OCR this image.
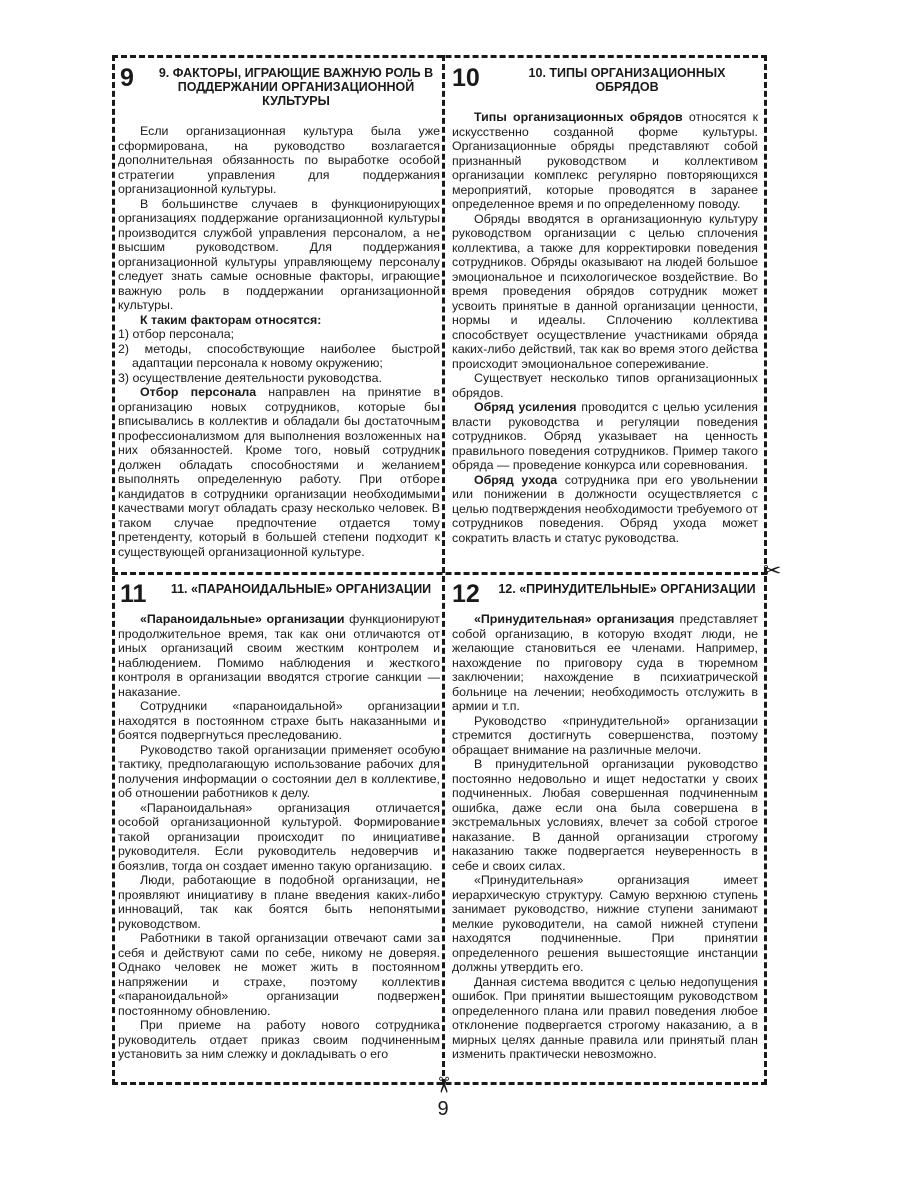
✂
✂
9	9. ФАКТОРЫ, ИГРАЮЩИЕ ВАЖНУЮ РОЛЬ В ПОДДЕРЖАНИИ ОРГАНИЗАЦИОННОЙ КУЛЬТУРЫ

Если организационная культура была уже сформирована, на руководство возлагается дополнительная обязанность по выработке особой стратегии управления для поддержания организационной культуры.

В большинстве случаев в функционирующих организациях поддержание организационной культуры производится службой управления персоналом, а не высшим руководством. Для поддержания организационной культуры управляющему персоналу следует знать самые основные факторы, играющие важную роль в поддержании организационной культуры.

К таким факторам относятся:

1) отбор персонала;

2) методы, способствующие наиболее быстрой адаптации персонала к новому окружению;

3) осуществление деятельности руководства.

Отбор персонала направлен на принятие в организацию новых сотрудников, которые бы вписывались в коллектив и обладали бы достаточным профессионализмом для выполнения возложенных на них обязанностей. Кроме того, новый сотрудник должен обладать способностями и желанием выполнять определенную работу. При отборе кандидатов в сотрудники организации необходимыми качествами могут обладать сразу несколько человек. В таком случае предпочтение отдается тому претенденту, который в большей степени подходит к существующей организационной культуре.

10	10. ТИПЫ ОРГАНИЗАЦИОННЫХ ОБРЯДОВ

Типы организационных обрядов относятся к искусственно созданной форме культуры. Организационные обряды представляют собой признанный руководством и коллективом организации комплекс регулярно повторяющихся мероприятий, которые проводятся в заранее определенное время и по определенному поводу.

Обряды вводятся в организационную культуру руководством организации с целью сплочения коллектива, а также для корректировки поведения сотрудников. Обряды оказывают на людей большое эмоциональное и психологическое воздействие. Во время проведения обрядов сотрудник может усвоить принятые в данной организации ценности, нормы и идеалы. Сплочению коллектива способствует осуществление участниками обряда каких-либо действий, так как во время этого действа происходит эмоциональное сопереживание.

Существует несколько типов организационных обрядов.

Обряд усиления проводится с целью усиления власти руководства и регуляции поведения сотрудников. Обряд указывает на ценность правильного поведения сотрудников. Пример такого обряда — проведение конкурса или соревнования.

Обряд ухода сотрудника при его увольнении или понижении в должности осуществляется с целью подтверждения необходимости требуемого от сотрудников поведения. Обряд ухода может сократить власть и статус руководства.

11	11. «ПАРАНОИДАЛЬНЫЕ» ОРГАНИЗАЦИИ

«Параноидальные» организации функционируют продолжительное время, так как они отличаются от иных организаций своим жестким контролем и наблюдением. Помимо наблюдения и жесткого контроля в организации вводятся строгие санкции — наказание.

Сотрудники «параноидальной» организации находятся в постоянном страхе быть наказанными и боятся подвергнуться преследованию.

Руководство такой организации применяет особую тактику, предполагающую использование рабочих для получения информации о состоянии дел в коллективе, об отношении работников к делу.

«Параноидальная» организация отличается особой организационной культурой. Формирование такой организации происходит по инициативе руководителя. Если руководитель недоверчив и боязлив, тогда он создает именно такую организацию.

Люди, работающие в подобной организации, не проявляют инициативу в плане введения каких-либо инноваций, так как боятся быть непонятыми руководством.

Работники в такой организации отвечают сами за себя и действуют сами по себе, никому не доверяя. Однако человек не может жить в постоянном напряжении и страхе, поэтому коллектив «параноидальной» организации подвержен постоянному обновлению.

При приеме на работу нового сотрудника руководитель отдает приказ своим подчиненным установить за ним слежку и докладывать о его

12 12. «ПРИНУДИТЕЛЬНЫЕ» ОРГАНИЗАЦИИ

«Принудительная» организация представляет собой организацию, в которую входят люди, не желающие становиться ее членами. Например, нахождение по приговору суда в тюремном заключении; нахождение в психиатрической больнице на лечении; необходимость отслужить в армии и т.п.

Руководство «принудительной» организации стремится достигнуть совершенства, поэтому обращает внимание на различные мелочи.

В принудительной организации руководство постоянно недовольно и ищет недостатки у своих подчиненных. Любая совершенная подчиненным ошибка, даже если она была совершена в экстремальных условиях, влечет за собой строгое наказание. В данной организации строгому наказанию также подвергается неуверенность в себе и своих силах.

«Принудительная» организация имеет иерархическую структуру. Самую верхнюю ступень занимает руководство, нижние ступени занимают мелкие руководители, на самой нижней ступени находятся подчиненные. При принятии определенного решения вышестоящие инстанции должны утвердить его.

Данная система вводится с целью недопущения ошибок. При принятии вышестоящим руководством определенного плана или правил поведения любое отклонение подвергается строгому наказанию, а в мирных целях данные правила или принятый план изменить практически невозможно.

9
